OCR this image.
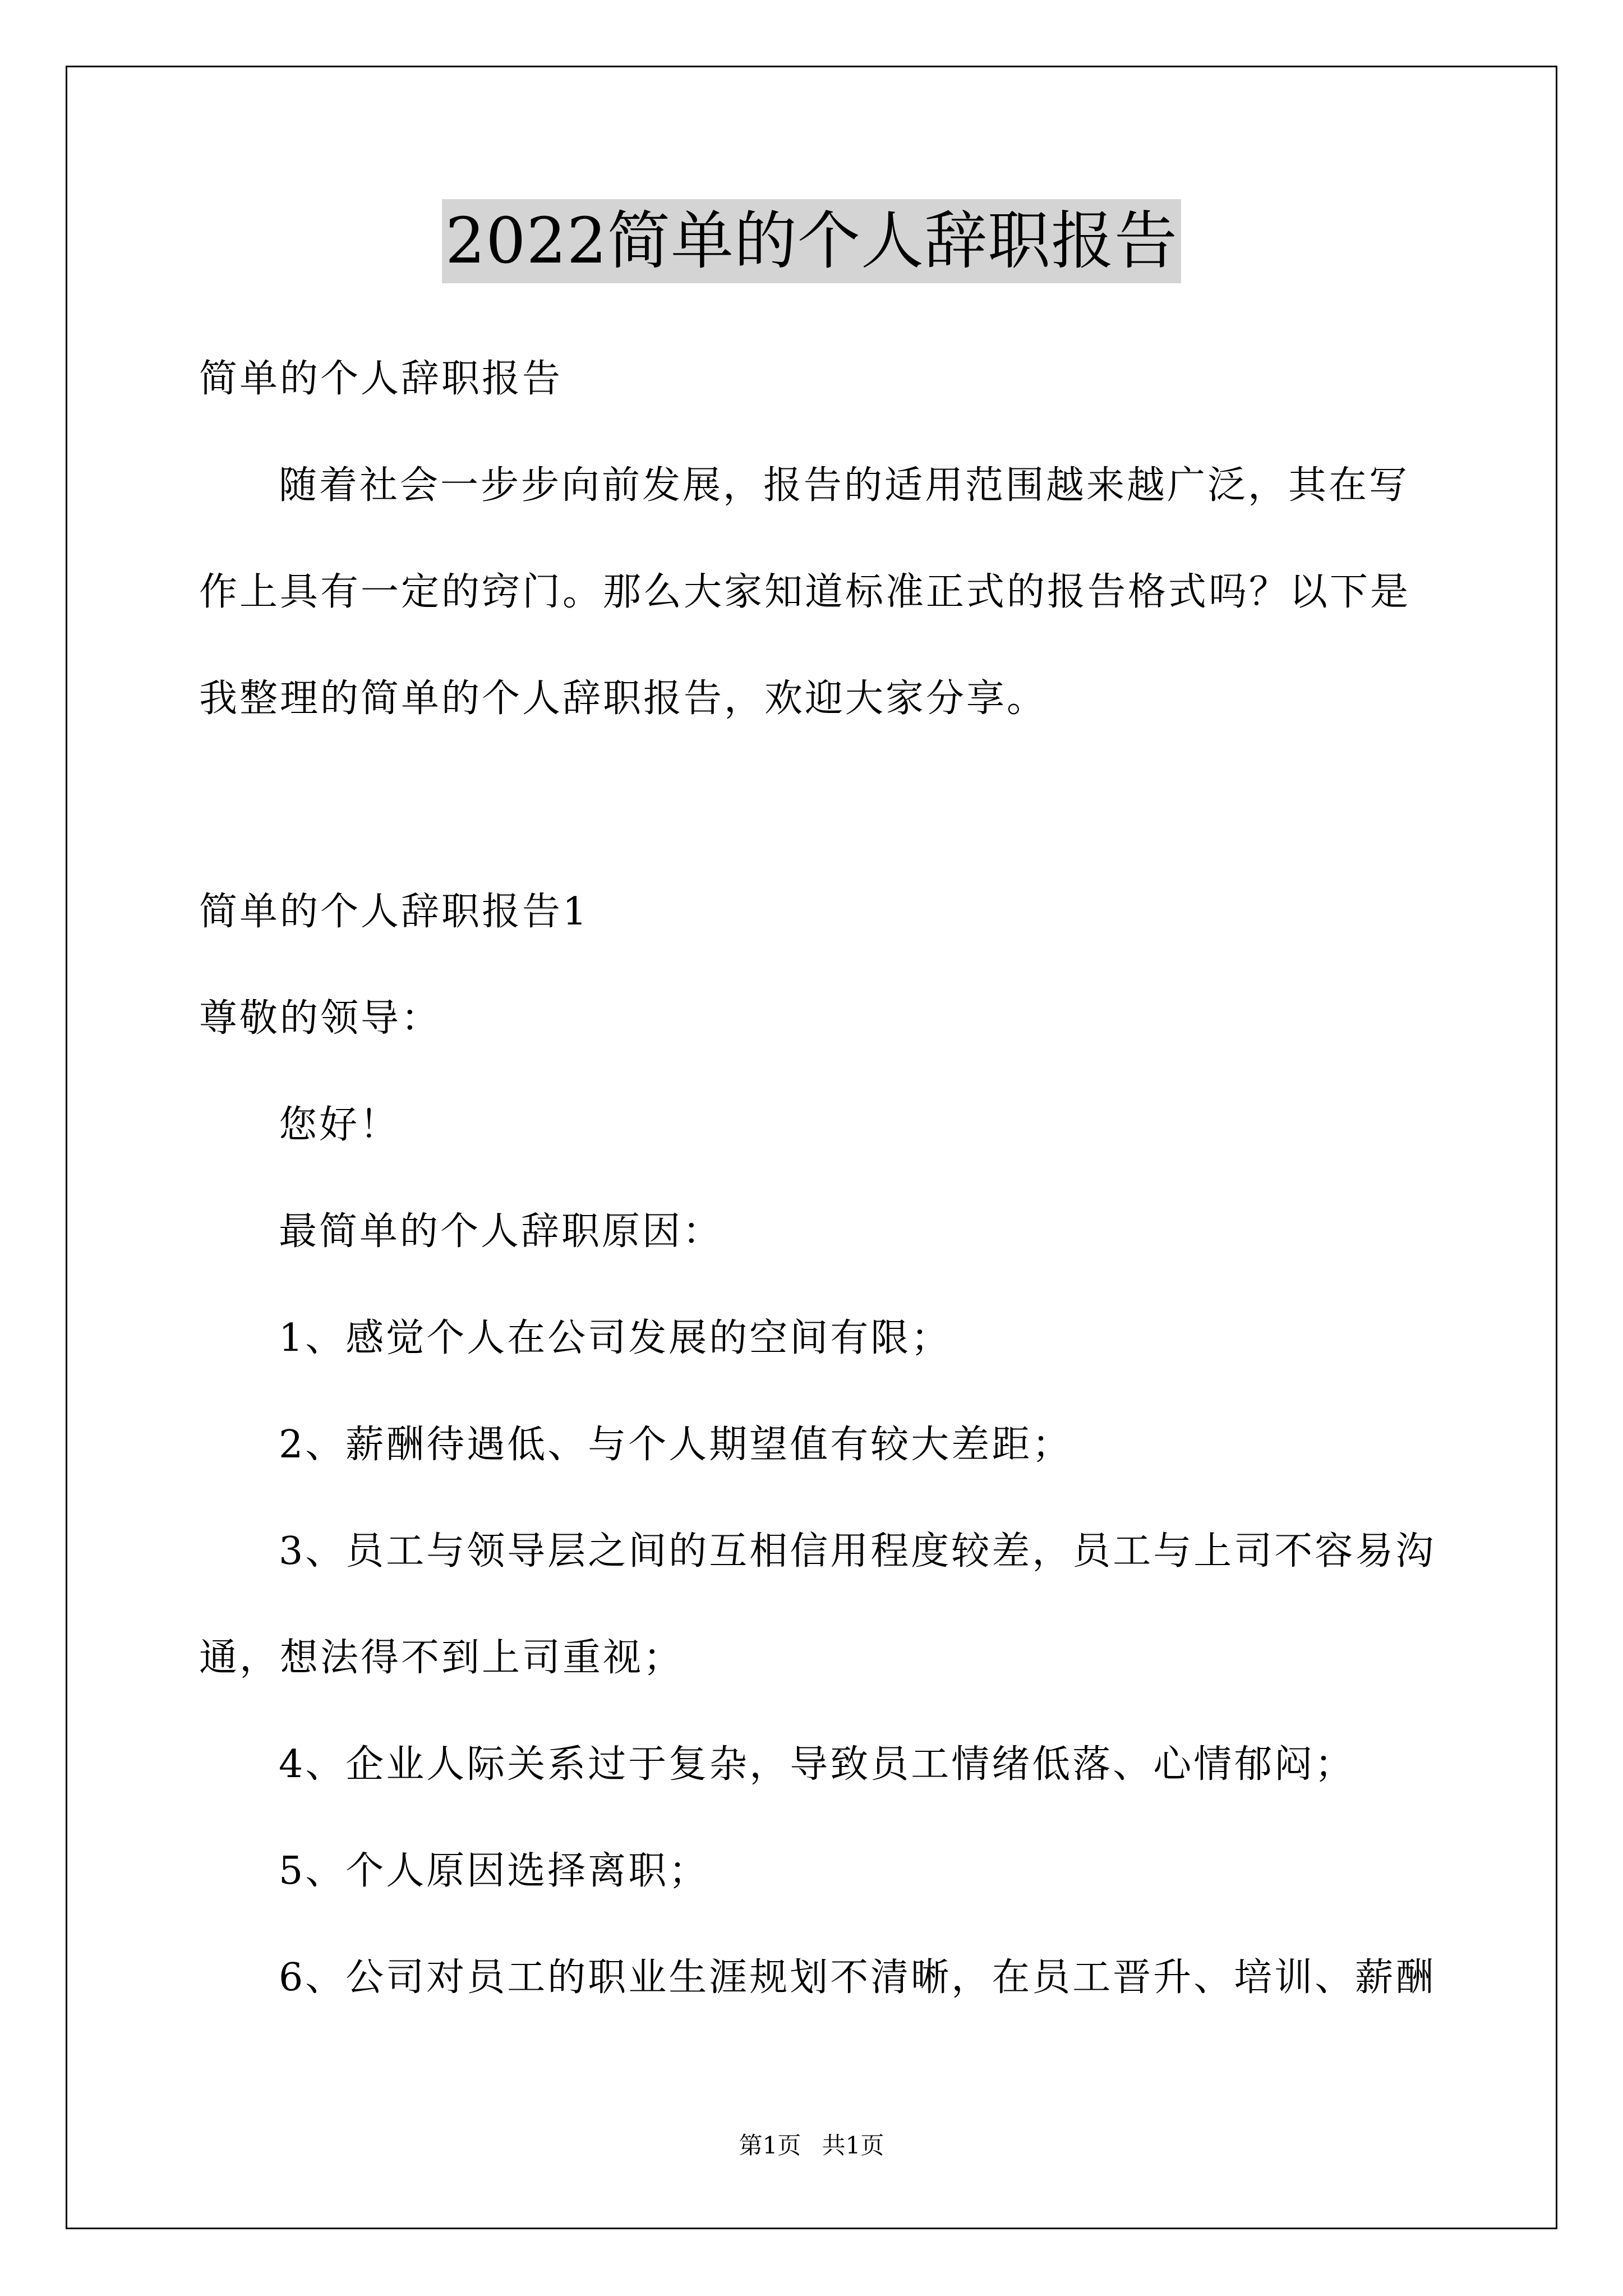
2022简单的个人辞职报告
简单的个人辞职报告
随着社会一步步向前发展，报告的适用范围越来越广泛，其在写
作上具有一定的窍门。那么大家知道标准正式的报告格式吗？以下是
我整理的简单的个人辞职报告，欢迎大家分享。
简单的个人辞职报告1
尊敬的领导：
您好！
最简单的个人辞职原因：
1、感觉个人在公司发展的空间有限；
2、薪酬待遇低、与个人期望值有较大差距；
3、员工与领导层之间的互相信用程度较差，员工与上司不容易沟
通，想法得不到上司重视；
4、企业人际关系过于复杂，导致员工情绪低落、心情郁闷；
5、个人原因选择离职；
6、公司对员工的职业生涯规划不清晰，在员工晋升、培训、薪酬
第1页 共1页
